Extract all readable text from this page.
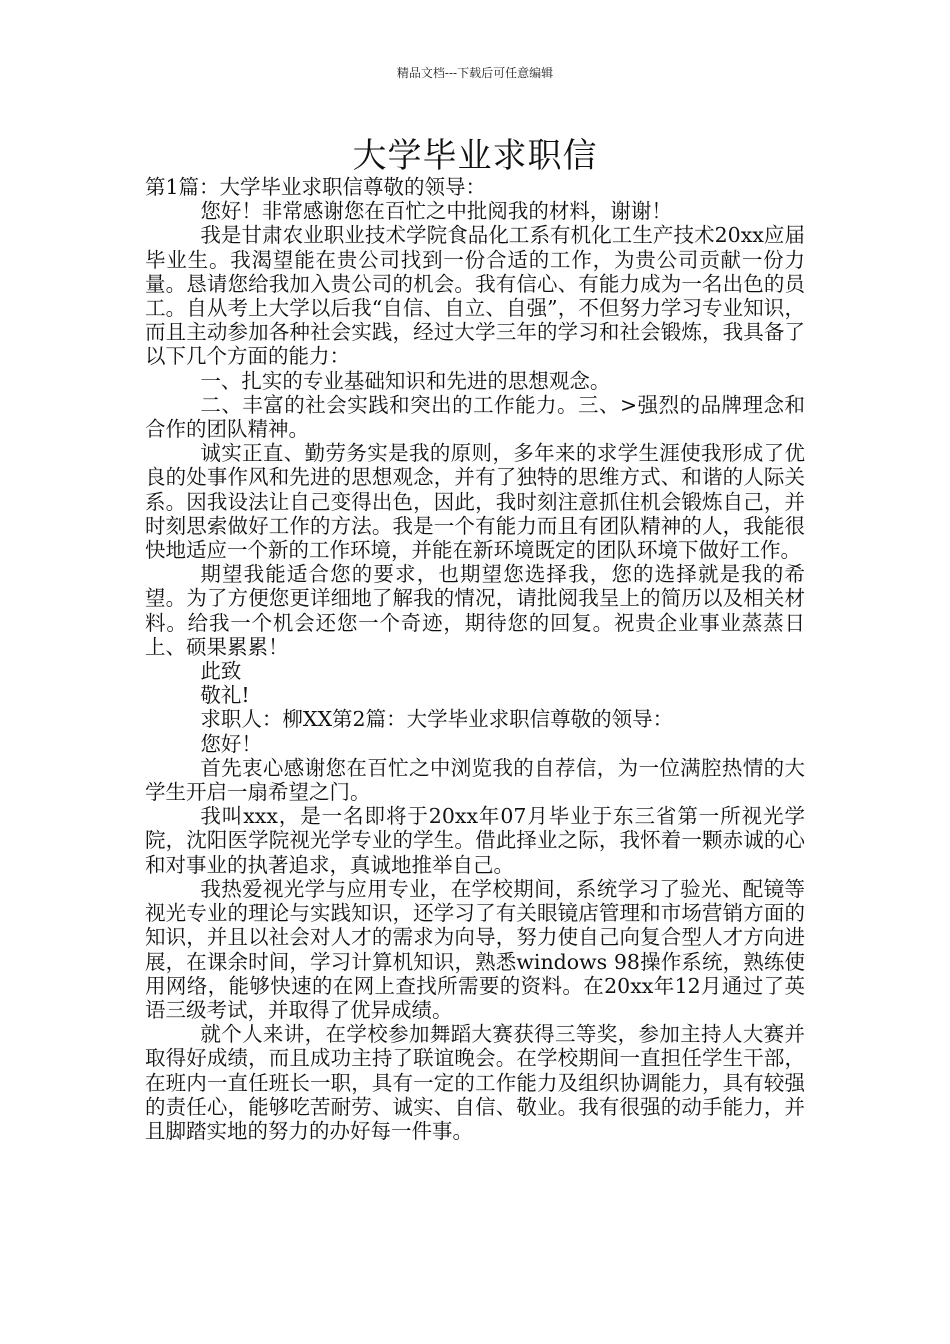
精品文档---下载后可任意编辑
大学毕业求职信

第1篇：大学毕业求职信尊敬的领导：

您好！非常感谢您在百忙之中批阅我的材料，谢谢！

我是甘肃农业职业技术学院食品化工系有机化工生产技术20xx应届毕业生。我渴望能在贵公司找到一份合适的工作，为贵公司贡献一份力量。恳请您给我加入贵公司的机会。我有信心、有能力成为一名出色的员工。自从考上大学以后我“自信、自立、自强”，不但努力学习专业知识，而且主动参加各种社会实践，经过大学三年的学习和社会锻炼，我具备了以下几个方面的能力：

一、扎实的专业基础知识和先进的思想观念。

二、丰富的社会实践和突出的工作能力。三、>强烈的品牌理念和合作的团队精神。

诚实正直、勤劳务实是我的原则，多年来的求学生涯使我形成了优良的处事作风和先进的思想观念，并有了独特的思维方式、和谐的人际关系。因我设法让自己变得出色，因此，我时刻注意抓住机会锻炼自己，并时刻思索做好工作的方法。我是一个有能力而且有团队精神的人，我能很快地适应一个新的工作环境，并能在新环境既定的团队环境下做好工作。

期望我能适合您的要求，也期望您选择我，您的选择就是我的希望。为了方便您更详细地了解我的情况，请批阅我呈上的简历以及相关材料。给我一个机会还您一个奇迹，期待您的回复。祝贵企业事业蒸蒸日上、硕果累累！

此致

敬礼!

求职人：柳XX第2篇：大学毕业求职信尊敬的领导：

您好！

首先衷心感谢您在百忙之中浏览我的自荐信，为一位满腔热情的大学生开启一扇希望之门。

我叫xxx，是一名即将于20xx年07月毕业于东三省第一所视光学院，沈阳医学院视光学专业的学生。借此择业之际，我怀着一颗赤诚的心和对事业的执著追求，真诚地推举自己。

我热爱视光学与应用专业，在学校期间，系统学习了验光、配镜等视光专业的理论与实践知识，还学习了有关眼镜店管理和市场营销方面的知识，并且以社会对人才的需求为向导，努力使自己向复合型人才方向进展，在课余时间，学习计算机知识，熟悉windows 98操作系统，熟练使用网络，能够快速的在网上查找所需要的资料。在20xx年12月通过了英语三级考试，并取得了优异成绩。

就个人来讲，在学校参加舞蹈大赛获得三等奖，参加主持人大赛并取得好成绩，而且成功主持了联谊晚会。在学校期间一直担任学生干部，在班内一直任班长一职，具有一定的工作能力及组织协调能力，具有较强的责任心，能够吃苦耐劳、诚实、自信、敬业。我有很强的动手能力，并且脚踏实地的努力的办好每一件事。
